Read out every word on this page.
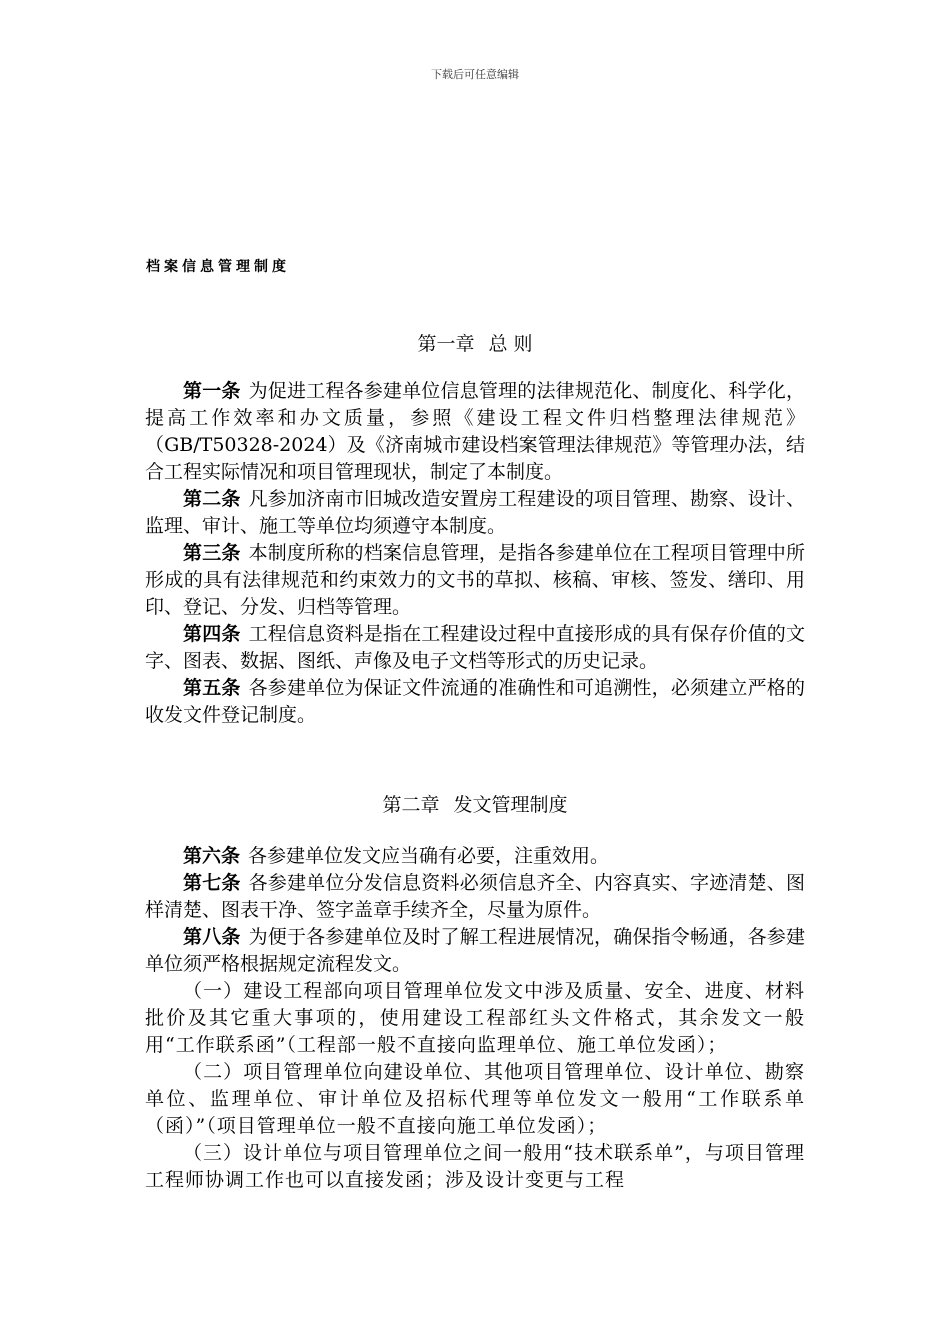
下载后可任意编辑
档案信息管理制度
第一章 总 则

第一条 为促进工程各参建单位信息管理的法律规范化、制度化、科学化，提高工作效率和办文质量，参照《建设工程文件归档整理法律规范》（GB/T50328-2024）及《济南城市建设档案管理法律规范》等管理办法，结合工程实际情况和项目管理现状，制定了本制度。

第二条 凡参加济南市旧城改造安置房工程建设的项目管理、勘察、设计、监理、审计、施工等单位均须遵守本制度。

第三条 本制度所称的档案信息管理，是指各参建单位在工程项目管理中所形成的具有法律规范和约束效力的文书的草拟、核稿、审核、签发、缮印、用印、登记、分发、归档等管理。

第四条 工程信息资料是指在工程建设过程中直接形成的具有保存价值的文字、图表、数据、图纸、声像及电子文档等形式的历史记录。

第五条 各参建单位为保证文件流通的准确性和可追溯性，必须建立严格的收发文件登记制度。

第二章 发文管理制度

第六条 各参建单位发文应当确有必要，注重效用。

第七条 各参建单位分发信息资料必须信息齐全、内容真实、字迹清楚、图样清楚、图表干净、签字盖章手续齐全，尽量为原件。

第八条 为便于各参建单位及时了解工程进展情况，确保指令畅通，各参建单位须严格根据规定流程发文。

（一）建设工程部向项目管理单位发文中涉及质量、安全、进度、材料批价及其它重大事项的，使用建设工程部红头文件格式，其余发文一般用“工作联系函”（工程部一般不直接向监理单位、施工单位发函）；

（二）项目管理单位向建设单位、其他项目管理单位、设计单位、勘察单位、监理单位、审计单位及招标代理等单位发文一般用“工作联系单（函）”（项目管理单位一般不直接向施工单位发函）；

（三）设计单位与项目管理单位之间一般用“技术联系单”，与项目管理工程师协调工作也可以直接发函；涉及设计变更与工程
